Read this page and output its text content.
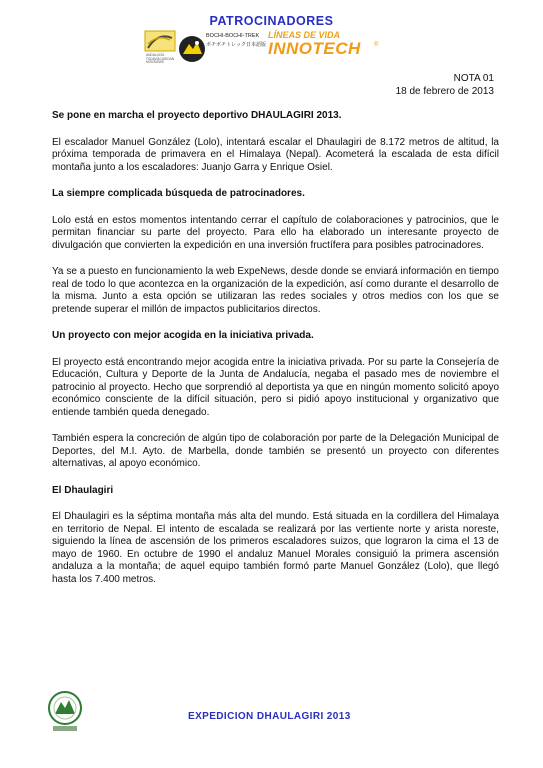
PATROCINADORES
ANDALUCÍA TODAVÍA QUEDAN MONTAÑAS
BOCHI-BOCHI-TREK
ボチボチトレック日本語版
LÍNEAS DE VIDA
INNOTECH ®
NOTA 01
18 de febrero de 2013
Se pone en marcha el proyecto deportivo DHAULAGIRI 2013.

El escalador Manuel González (Lolo), intentará escalar el Dhaulagiri de 8.172 metros de altitud, la próxima temporada de primavera en el Himalaya (Nepal). Acometerá la escalada de esta difícil montaña junto a los escaladores: Juanjo Garra y Enrique Osiel.

La siempre complicada búsqueda de patrocinadores.

Lolo está en estos momentos intentando cerrar el capítulo de colaboraciones y patrocinios, que le permitan financiar su parte del proyecto. Para ello ha elaborado un interesante proyecto de divulgación que convierten la expedición en una inversión fructífera para posibles patrocinadores.

Ya se a puesto en funcionamiento la web ExpeNews, desde donde se enviará información en tiempo real de todo lo que acontezca en la organización de la expedición, así como durante el desarrollo de la misma. Junto a esta opción se utilizaran las redes sociales y otros medios con los que se pretende superar el millón de impactos publicitarios directos.

Un proyecto con mejor acogida en la iniciativa privada.

El proyecto está encontrando mejor acogida entre la iniciativa privada. Por su parte la Consejería de Educación, Cultura y Deporte de la Junta de Andalucía, negaba el pasado mes de noviembre el patrocinio al proyecto. Hecho que sorprendió al deportista ya que en ningún momento solicitó apoyo económico consciente de la difícil situación, pero si pidió apoyo institucional y organizativo que entiende también queda denegado.

También espera la concreción de algún tipo de colaboración por parte de la Delegación Municipal de Deportes, del M.I. Ayto. de Marbella, donde también se presentó un proyecto con diferentes alternativas, al apoyo económico.

El Dhaulagiri

El Dhaulagiri es la séptima montaña más alta del mundo. Está situada en la cordillera del Himalaya en territorio de Nepal. El intento de escalada se realizará por las vertiente norte y arista noreste, siguiendo la línea de ascensión de los primeros escaladores suizos, que lograron la cima el 13 de mayo de 1960. En octubre de 1990 el andaluz Manuel Morales consiguió la primera ascensión andaluza a la montaña; de aquel equipo también formó parte Manuel González (Lolo), que llegó hasta los 7.400 metros.

EXPEDICION DHAULAGIRI 2013
